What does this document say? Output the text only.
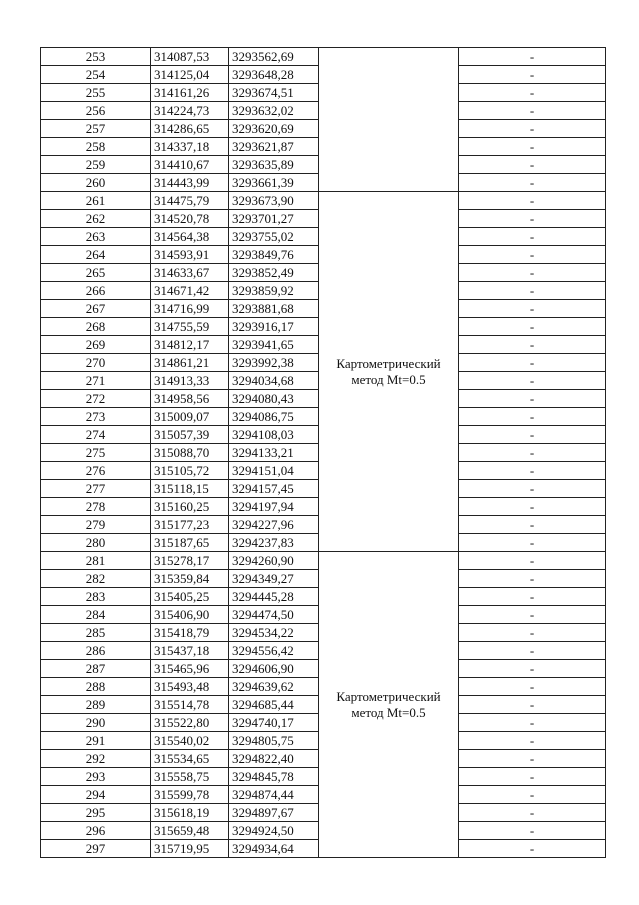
253	314087,53	3293562,69		-
254	314125,04	3293648,28		-
255	314161,26	3293674,51		-
256	314224,73	3293632,02		-
257	314286,65	3293620,69		-
258	314337,18	3293621,87		-
259	314410,67	3293635,89		-
260	314443,99	3293661,39		-
261	314475,79	3293673,90	Картометрический
метод Mt=0.5	-
262	314520,78	3293701,27		-
263	314564,38	3293755,02		-
264	314593,91	3293849,76		-
265	314633,67	3293852,49		-
266	314671,42	3293859,92		-
267	314716,99	3293881,68		-
268	314755,59	3293916,17		-
269	314812,17	3293941,65		-
270	314861,21	3293992,38		-
271	314913,33	3294034,68		-
272	314958,56	3294080,43		-
273	315009,07	3294086,75		-
274	315057,39	3294108,03		-
275	315088,70	3294133,21		-
276	315105,72	3294151,04		-
277	315118,15	3294157,45		-
278	315160,25	3294197,94		-
279	315177,23	3294227,96		-
280	315187,65	3294237,83		-
281	315278,17	3294260,90	Картометрический
метод Mt=0.5	-
282	315359,84	3294349,27		-
283	315405,25	3294445,28		-
284	315406,90	3294474,50		-
285	315418,79	3294534,22		-
286	315437,18	3294556,42		-
287	315465,96	3294606,90		-
288	315493,48	3294639,62		-
289	315514,78	3294685,44		-
290	315522,80	3294740,17		-
291	315540,02	3294805,75		-
292	315534,65	3294822,40		-
293	315558,75	3294845,78		-
294	315599,78	3294874,44		-
295	315618,19	3294897,67		-
296	315659,48	3294924,50		-
297	315719,95	3294934,64		-
